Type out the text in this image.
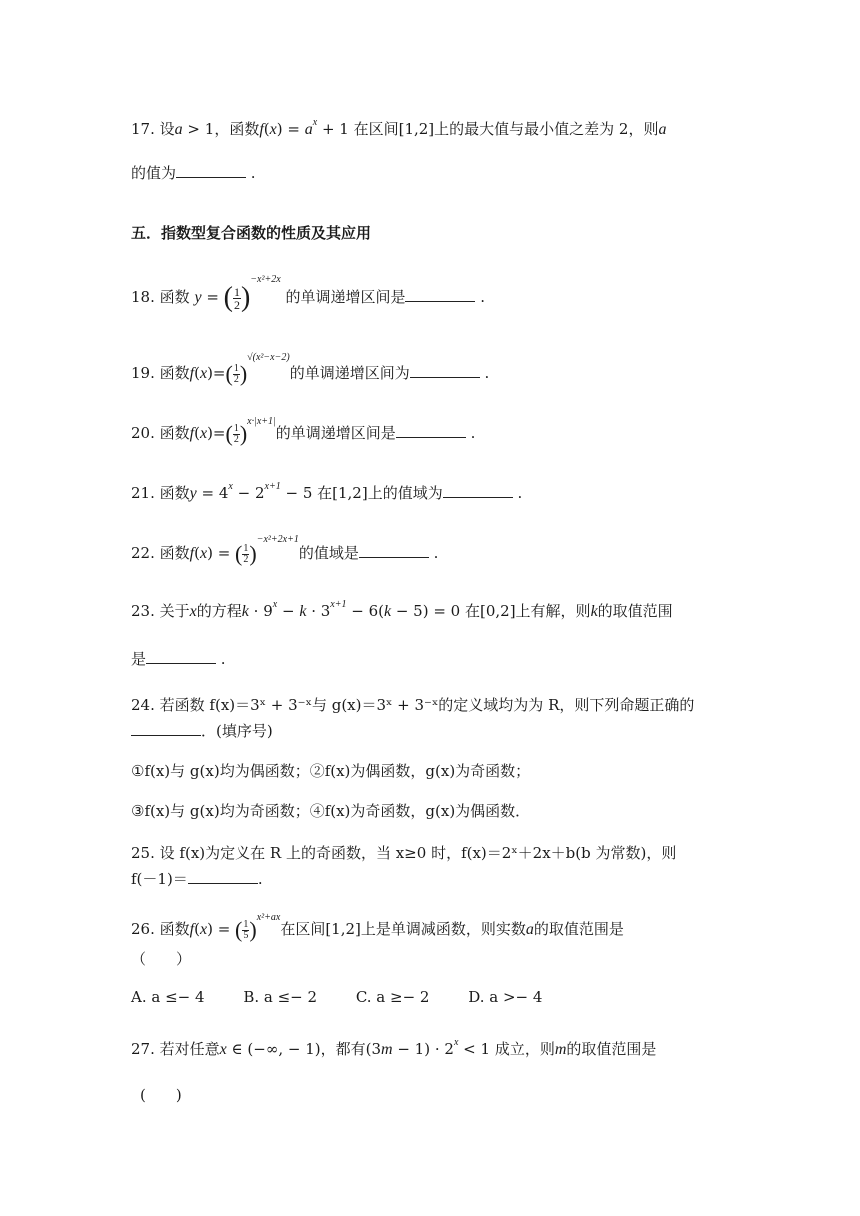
17. 设a > 1，函数$f(x) = a^x + 1$ 在区间[1,2]上的最大值与最小值之差为 2，则a
的值为	.
五．指数型复合函数的性质及其应用
18. 函数 y = ( $\frac{1}{2} )^{-x^2+2x}$ 的单调递增区间是	.
19. 函数$f(x)=( \frac{1}{2} )^{√(x^2-x-2)}$的单调递增区间为	.
20. 函数$f(x)=( \frac{1}{2} )^{x\cdot|x+1|}$的单调递增区间是	.
21. 函数$y = 4^x - 2^{x+1} - 5$ 在[1,2]上的值域为	.
22. 函数f(x) = ( $\frac{1}{2} )^{-x^2+2x+1}$的值域是	.
23. 关于x的方程$k \cdot 9^x - k \cdot 3^{x+1} - 6(k - 5) = 0$ 在[0,2]上有解，则k的取值范围
是	.
24. 若函数 f(x)＝3ˣ + 3⁻ˣ与 g(x)＝3ˣ + 3⁻ˣ的定义域均为为 R，则下列命题正确的
．(填序号)
①f(x)与 g(x)均为偶函数；②f(x)为偶函数，g(x)为奇函数；
③f(x)与 g(x)均为奇函数；④f(x)为奇函数，g(x)为偶函数．
25. 设 f(x)为定义在 R 上的奇函数，当 x≥0 时，f(x)＝2ˣ＋2x＋b(b 为常数)，则
f(－1)＝	.
26. 函数f(x) = ( $\frac{1}{5} )^{x^2+ax}$在区间[1,2]上是单调减函数，则实数a的取值范围是
（　　）
A. a ≤− 4	B. a ≤− 2	C. a ≥− 2	D. a >− 4
27. 若对任意x ∈ (−∞, − 1)，都有$(3m - 1) \cdot 2^x < 1$ 成立，则m的取值范围是
(　　)
